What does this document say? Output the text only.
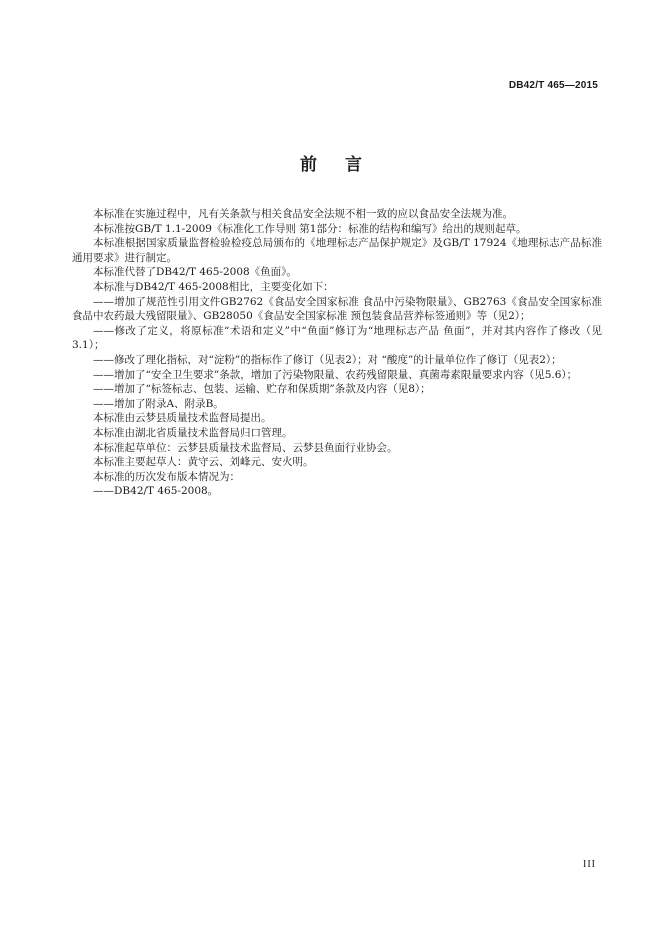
DB42/T 465—2015
前 言

本标准在实施过程中，凡有关条款与相关食品安全法规不相一致的应以食品安全法规为准。

本标准按GB/T 1.1-2009《标准化工作导则 第1部分：标准的结构和编写》给出的规则起草。

本标准根据国家质量监督检验检疫总局颁布的《地理标志产品保护规定》及GB/T 17924《地理标志产品标准通用要求》进行制定。

本标准代替了DB42/T 465-2008《鱼面》。

本标准与DB42/T 465-2008相比，主要变化如下：

——增加了规范性引用文件GB2762《食品安全国家标准 食品中污染物限量》、GB2763《食品安全国家标准 食品中农药最大残留限量》、GB28050《食品安全国家标准 预包装食品营养标签通则》等（见2）；

——修改了定义，将原标准“术语和定义”中“鱼面”修订为“地理标志产品 鱼面”，并对其内容作了修改（见3.1）；

——修改了理化指标，对“淀粉”的指标作了修订（见表2）；对 “酸度”的计量单位作了修订（见表2）；

——增加了“安全卫生要求”条款，增加了污染物限量、农药残留限量、真菌毒素限量要求内容（见5.6）；

——增加了“标签标志、包装、运输、贮存和保质期”条款及内容（见8）；

——增加了附录A、附录B。

本标准由云梦县质量技术监督局提出。

本标准由湖北省质量技术监督局归口管理。

本标准起草单位：云梦县质量技术监督局、云梦县鱼面行业协会。

本标准主要起草人：黄守云、刘峰元、安火明。

本标准的历次发布版本情况为：

——DB42/T 465-2008。

III
